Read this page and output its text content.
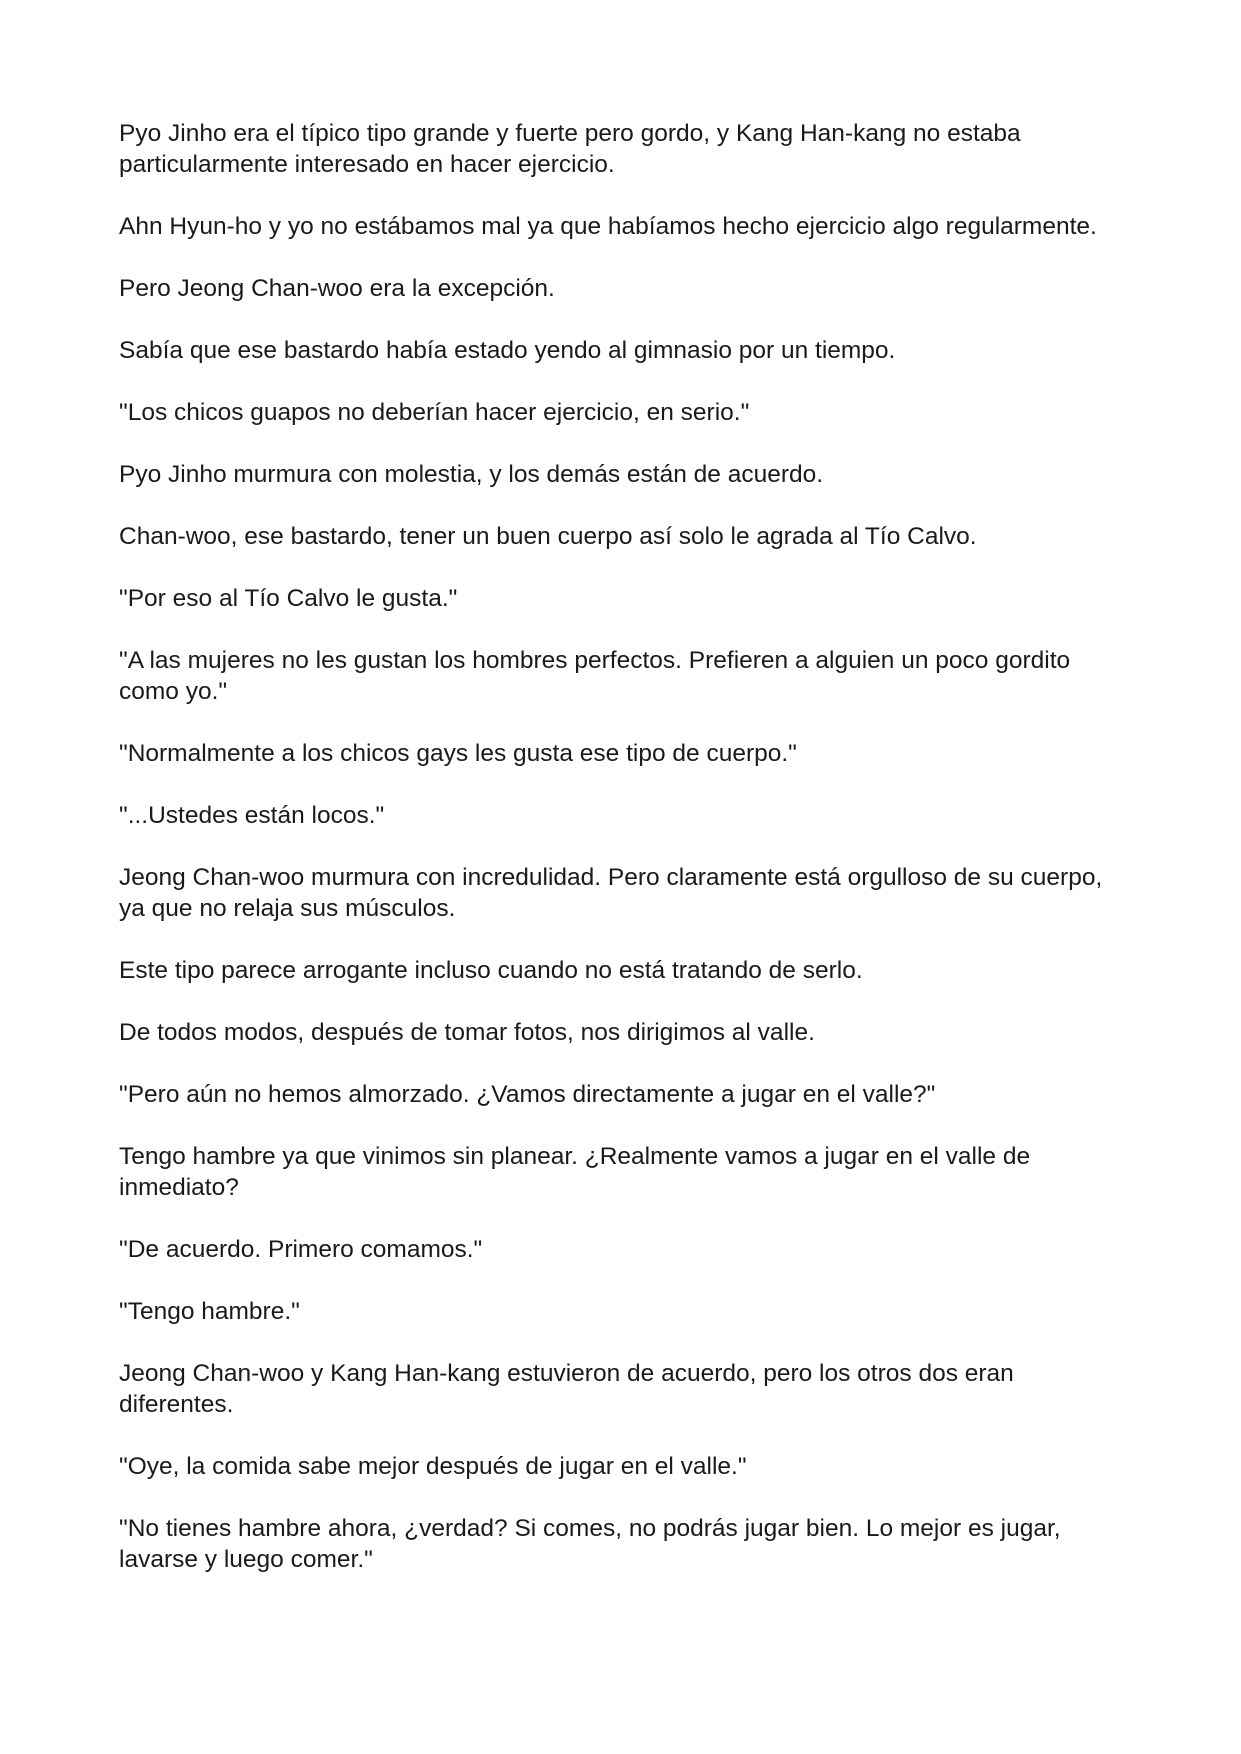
Pyo Jinho era el típico tipo grande y fuerte pero gordo, y Kang Han-kang no estaba particularmente interesado en hacer ejercicio.

Ahn Hyun-ho y yo no estábamos mal ya que habíamos hecho ejercicio algo regularmente.

Pero Jeong Chan-woo era la excepción.

Sabía que ese bastardo había estado yendo al gimnasio por un tiempo.

"Los chicos guapos no deberían hacer ejercicio, en serio."

Pyo Jinho murmura con molestia, y los demás están de acuerdo.

Chan-woo, ese bastardo, tener un buen cuerpo así solo le agrada al Tío Calvo.

"Por eso al Tío Calvo le gusta."

"A las mujeres no les gustan los hombres perfectos. Prefieren a alguien un poco gordito como yo."

"Normalmente a los chicos gays les gusta ese tipo de cuerpo."

"...Ustedes están locos."

Jeong Chan-woo murmura con incredulidad. Pero claramente está orgulloso de su cuerpo, ya que no relaja sus músculos.

Este tipo parece arrogante incluso cuando no está tratando de serlo.

De todos modos, después de tomar fotos, nos dirigimos al valle.

"Pero aún no hemos almorzado. ¿Vamos directamente a jugar en el valle?"

Tengo hambre ya que vinimos sin planear. ¿Realmente vamos a jugar en el valle de inmediato?

"De acuerdo. Primero comamos."

"Tengo hambre."

Jeong Chan-woo y Kang Han-kang estuvieron de acuerdo, pero los otros dos eran diferentes.

"Oye, la comida sabe mejor después de jugar en el valle."

"No tienes hambre ahora, ¿verdad? Si comes, no podrás jugar bien. Lo mejor es jugar, lavarse y luego comer."
